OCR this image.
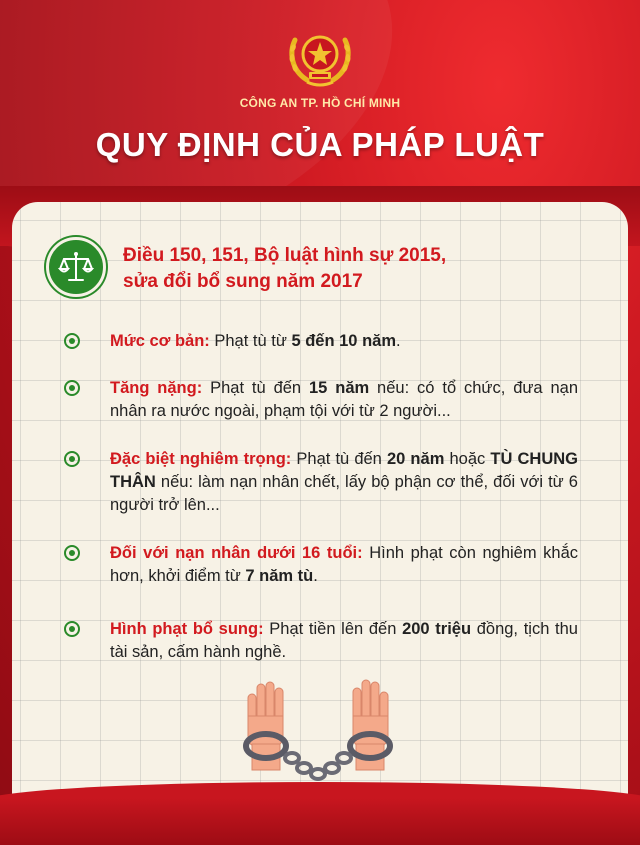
CÔNG AN TP. HỒ CHÍ MINH
QUY ĐỊNH CỦA PHÁP LUẬT
Điều 150, 151, Bộ luật hình sự 2015,
sửa đổi bổ sung năm 2017
Mức cơ bản: Phạt tù từ 5 đến 10 năm.
Tăng nặng: Phạt tù đến 15 năm nếu: có tổ chức, đưa nạn nhân ra nước ngoài, phạm tội với từ 2 người...
Đặc biệt nghiêm trọng: Phạt tù đến 20 năm hoặc TÙ CHUNG THÂN nếu: làm nạn nhân chết, lấy bộ phận cơ thể, đối với từ 6 người trở lên...
Đối với nạn nhân dưới 16 tuổi: Hình phạt còn nghiêm khắc hơn, khởi điểm từ 7 năm tù.
Hình phạt bổ sung: Phạt tiền lên đến 200 triệu đồng, tịch thu tài sản, cấm hành nghề.
